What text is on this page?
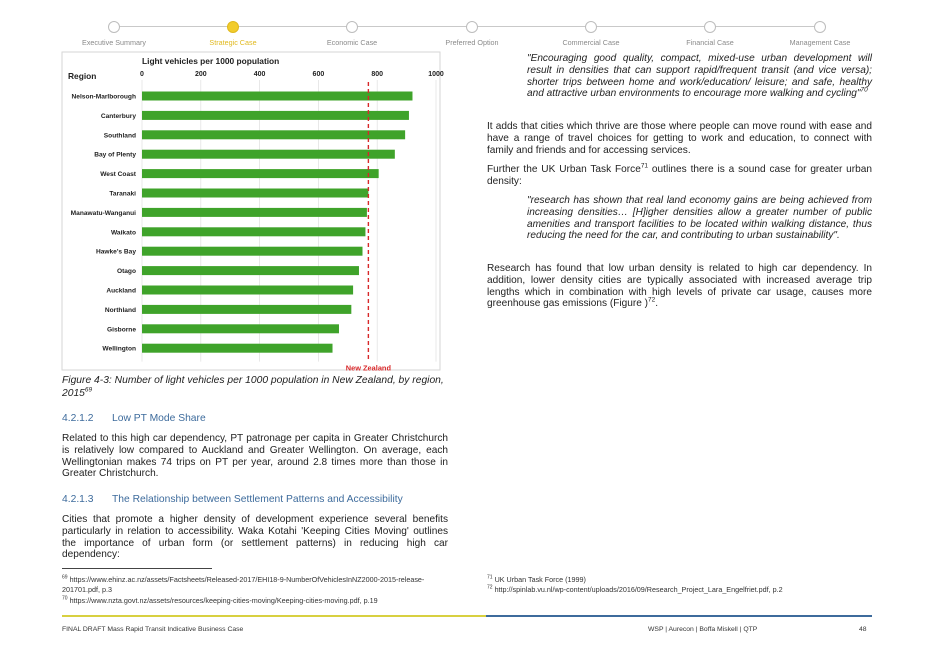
Executive Summary	Strategic Case	Economic Case	Preferred Option	Commercial Case	Financial Case	Management Case
Light vehicles per 1000 population
Region	0	200	400	600	800	1000
Nelson-Marlborough
Canterbury
Southland
Bay of Plenty
West Coast
Taranaki
Manawatu-Wanganui
Waikato
Hawke's Bay
Otago
Auckland
Northland
Gisborne
Wellington
New Zealand
Figure 4-3: Number of light vehicles per 1000 population in New Zealand, by region, 2015$^{69}$
4.2.1.2 Low PT Mode Share
Related to this high car dependency, PT patronage per capita in Greater Christchurch is relatively low compared to Auckland and Greater Wellington. On average, each Wellingtonian makes 74 trips on PT per year, around 2.8 times more than those in Greater Christchurch.
4.2.1.3 The Relationship between Settlement Patterns and Accessibility
Cities that promote a higher density of development experience several benefits particularly in relation to accessibility. Waka Kotahi 'Keeping Cities Moving' outlines the importance of urban form (or settlement patterns) in reducing high car dependency:
"Encouraging good quality, compact, mixed-use urban development will result in densities that can support rapid/frequent transit (and vice versa); shorter trips between home and work/education/ leisure; and safe, healthy and attractive urban environments to encourage more walking and cycling"$^{70}$
It adds that cities which thrive are those where people can move round with ease and have a range of travel choices for getting to work and education, to connect with family and friends and for accessing services.
Further the UK Urban Task Force$^{71}$ outlines there is a sound case for greater urban density:
"research has shown that real land economy gains are being achieved from increasing densities… [H]igher densities allow a greater number of public amenities and transport facilities to be located within walking distance, thus reducing the need for the car, and contributing to urban sustainability".
Research has found that low urban density is related to high car dependency. In addition, lower density cities are typically associated with increased average trip lengths which in combination with high levels of private car usage, causes more greenhouse gas emissions (Figure )$^{72}$.
$^{69}$ https://www.ehinz.ac.nz/assets/Factsheets/Released-2017/EHI18-9-NumberOfVehiclesInNZ2000-2015-release-201701.pdf, p.3
$^{70}$ https://www.nzta.govt.nz/assets/resources/keeping-cities-moving/Keeping-cities-moving.pdf, p.19
$^{71}$ UK Urban Task Force (1999)
$^{72}$ http://spinlab.vu.nl/wp-content/uploads/2016/09/Research_Project_Lara_Engelfriet.pdf, p.2
FINAL DRAFT Mass Rapid Transit Indicative Business Case	WSP | Aurecon | Boffa Miskell | QTP	48
